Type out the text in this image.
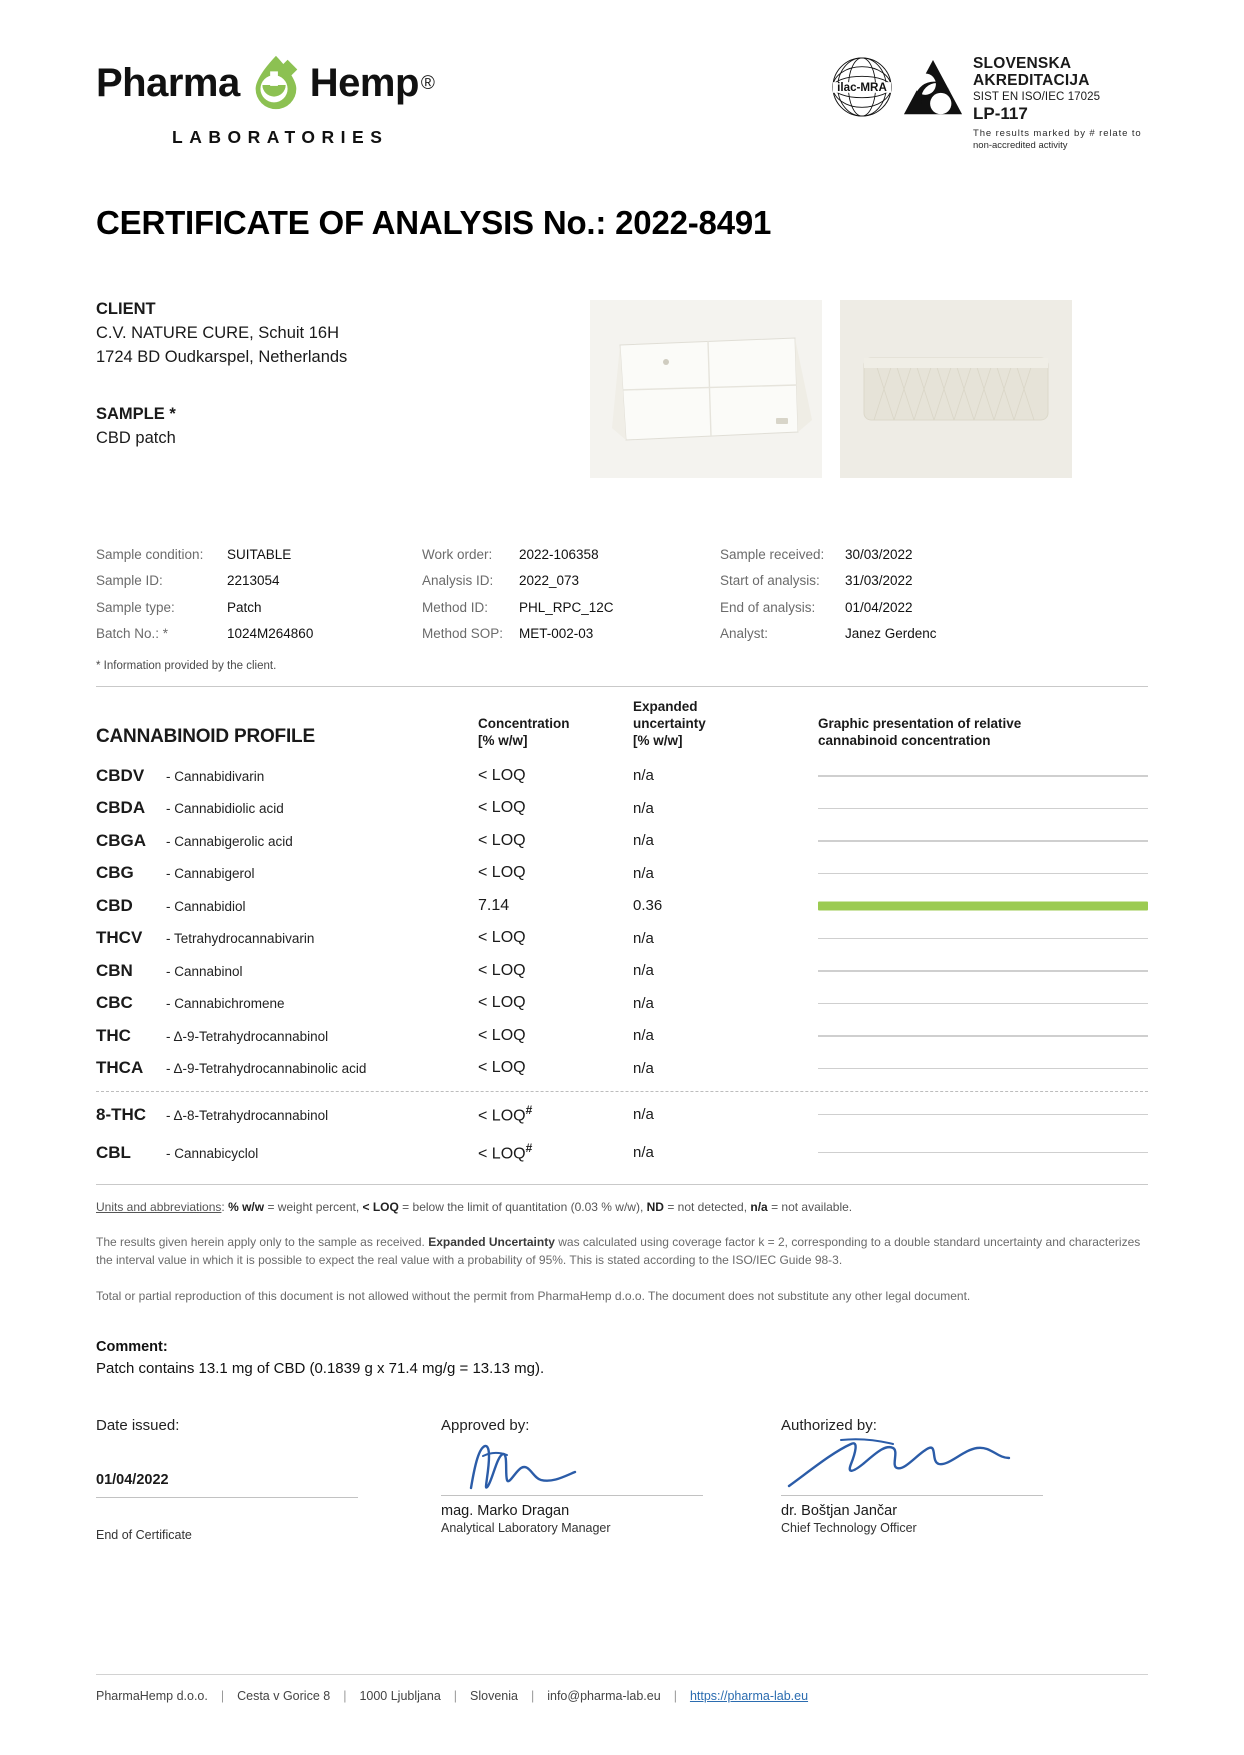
Pharma Hemp ®
LABORATORIES
ilac-MRA
SLOVENSKA
AKREDITACIJA
SIST EN ISO/IEC 17025
LP-117
The results marked by # relate to non-accredited activity
CERTIFICATE OF ANALYSIS No.: 2022-8491
CLIENT
C.V. NATURE CURE, Schuit 16H
1724 BD Oudkarspel, Netherlands
SAMPLE *
CBD patch
Sample condition:	SUITABLE
Sample ID:	2213054
Sample type:	Patch
Batch No.: *	1024M264860
Work order:	2022-106358
Analysis ID:	2022_073
Method ID:	PHL_RPC_12C
Method SOP:	MET-002-03
Sample received:	30/03/2022
Start of analysis:	31/03/2022
End of analysis:	01/04/2022
Analyst:	Janez Gerdenc
* Information provided by the client.
CANNABINOID PROFILE
Concentration
[% w/w]
Expanded
uncertainty
[% w/w]
Graphic presentation of relative
cannabinoid concentration
CBDV	- Cannabidivarin	< LOQ	n/a
CBDA	- Cannabidiolic acid	< LOQ	n/a
CBGA	- Cannabigerolic acid	< LOQ	n/a
CBG	- Cannabigerol	< LOQ	n/a
CBD	- Cannabidiol	7.14	0.36
THCV	- Tetrahydrocannabivarin	< LOQ	n/a
CBN	- Cannabinol	< LOQ	n/a
CBC	- Cannabichromene	< LOQ	n/a
THC	- Δ-9-Tetrahydrocannabinol	< LOQ	n/a
THCA	- Δ-9-Tetrahydrocannabinolic acid	< LOQ	n/a
8-THC	- Δ-8-Tetrahydrocannabinol	< LOQ#	n/a
CBL	- Cannabicyclol	< LOQ#	n/a
Units and abbreviations: % w/w = weight percent, < LOQ = below the limit of quantitation (0.03 % w/w), ND = not detected, n/a = not available.
The results given herein apply only to the sample as received. Expanded Uncertainty was calculated using coverage factor k = 2, corresponding to a double standard uncertainty and characterizes the interval value in which it is possible to expect the real value with a probability of 95%. This is stated according to the ISO/IEC Guide 98-3.
Total or partial reproduction of this document is not allowed without the permit from PharmaHemp d.o.o. The document does not substitute any other legal document.
Comment:
Patch contains 13.1 mg of CBD (0.1839 g x 71.4 mg/g = 13.13 mg).
Date issued:
01/04/2022
End of Certificate
Approved by:
mag. Marko Dragan
Analytical Laboratory Manager
Authorized by:
dr. Boštjan Jančar
Chief Technology Officer
PharmaHemp d.o.o.	|	Cesta v Gorice 8	|	1000 Ljubljana	|	Slovenia	|	info@pharma-lab.eu	|	https://pharma-lab.eu
